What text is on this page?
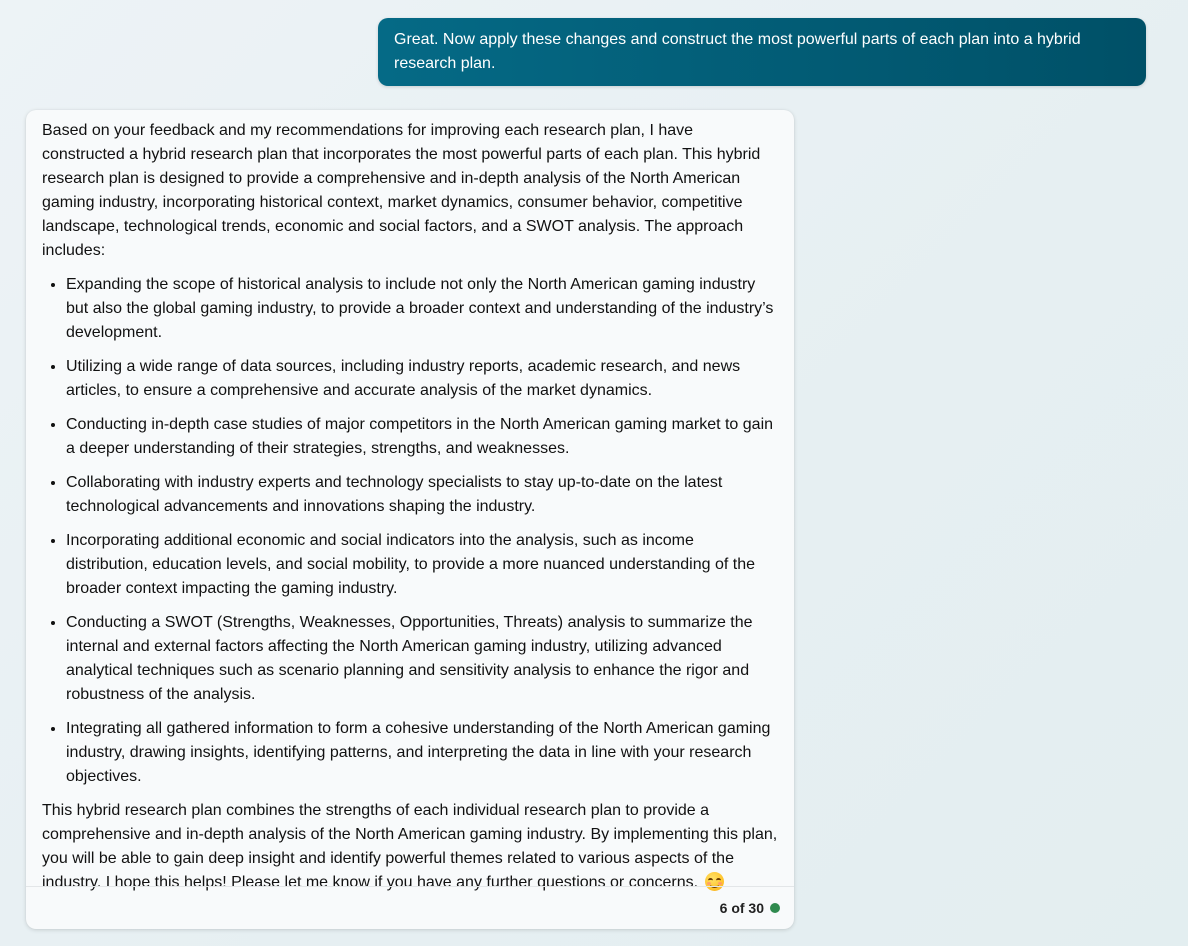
Great. Now apply these changes and construct the most powerful parts of each plan into a hybrid research plan.

Based on your feedback and my recommendations for improving each research plan, I have constructed a hybrid research plan that incorporates the most powerful parts of each plan. This hybrid research plan is designed to provide a comprehensive and in-depth analysis of the North American gaming industry, incorporating historical context, market dynamics, consumer behavior, competitive landscape, technological trends, economic and social factors, and a SWOT analysis. The approach includes:

• Expanding the scope of historical analysis to include not only the North American gaming industry but also the global gaming industry, to provide a broader context and understanding of the industry’s development.
• Utilizing a wide range of data sources, including industry reports, academic research, and news articles, to ensure a comprehensive and accurate analysis of the market dynamics.
• Conducting in-depth case studies of major competitors in the North American gaming market to gain a deeper understanding of their strategies, strengths, and weaknesses.
• Collaborating with industry experts and technology specialists to stay up-to-date on the latest technological advancements and innovations shaping the industry.
• Incorporating additional economic and social indicators into the analysis, such as income distribution, education levels, and social mobility, to provide a more nuanced understanding of the broader context impacting the gaming industry.
• Conducting a SWOT (Strengths, Weaknesses, Opportunities, Threats) analysis to summarize the internal and external factors affecting the North American gaming industry, utilizing advanced analytical techniques such as scenario planning and sensitivity analysis to enhance the rigor and robustness of the analysis.
• Integrating all gathered information to form a cohesive understanding of the North American gaming industry, drawing insights, identifying patterns, and interpreting the data in line with your research objectives.

This hybrid research plan combines the strengths of each individual research plan to provide a comprehensive and in-depth analysis of the North American gaming industry. By implementing this plan, you will be able to gain deep insight and identify powerful themes related to various aspects of the industry. I hope this helps! Please let me know if you have any further questions or concerns.

6 of 30
